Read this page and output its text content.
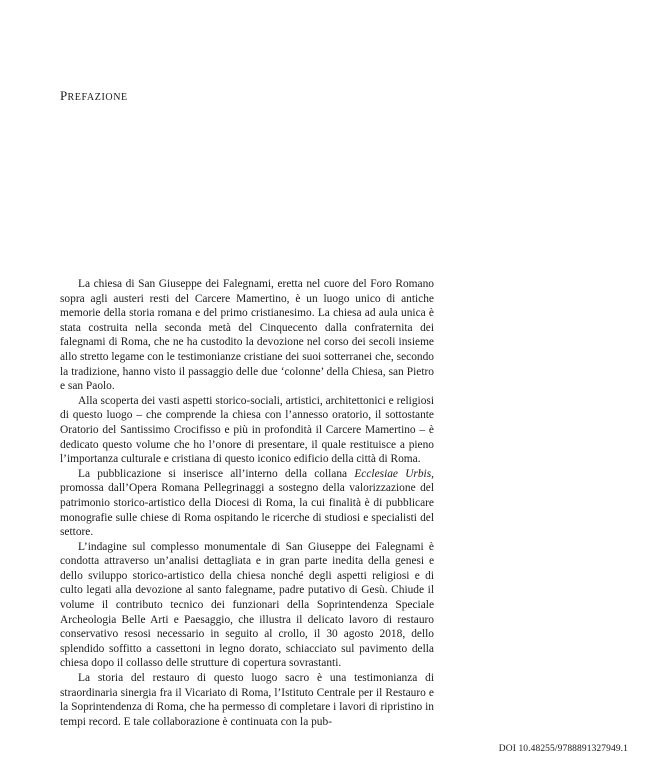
PREFAZIONE

La chiesa di San Giuseppe dei Falegnami, eretta nel cuore del Foro Romano sopra agli austeri resti del Carcere Mamertino, è un luogo unico di antiche memorie della storia romana e del primo cristianesimo. La chiesa ad aula unica è stata costruita nella seconda metà del Cinquecento dalla confraternita dei falegnami di Roma, che ne ha custodito la devozione nel corso dei secoli insieme allo stretto legame con le testimonianze cristiane dei suoi sotterranei che, secondo la tradizione, hanno visto il passaggio delle due ‘colonne’ della Chiesa, san Pietro e san Paolo.

Alla scoperta dei vasti aspetti storico-sociali, artistici, architettonici e religiosi di questo luogo – che comprende la chiesa con l’annesso oratorio, il sottostante Oratorio del Santissimo Crocifisso e più in profondità il Carcere Mamertino – è dedicato questo volume che ho l’onore di presentare, il quale restituisce a pieno l’importanza culturale e cristiana di questo iconico edificio della città di Roma.

La pubblicazione si inserisce all’interno della collana Ecclesiae Urbis, promossa dall’Opera Romana Pellegrinaggi a sostegno della valorizzazione del patrimonio storico-artistico della Diocesi di Roma, la cui finalità è di pubblicare monografie sulle chiese di Roma ospitando le ricerche di studiosi e specialisti del settore.

L’indagine sul complesso monumentale di San Giuseppe dei Falegnami è condotta attraverso un’analisi dettagliata e in gran parte inedita della genesi e dello sviluppo storico-artistico della chiesa nonché degli aspetti religiosi e di culto legati alla devozione al santo falegname, padre putativo di Gesù. Chiude il volume il contributo tecnico dei funzionari della Soprintendenza Speciale Archeologia Belle Arti e Paesaggio, che illustra il delicato lavoro di restauro conservativo resosi necessario in seguito al crollo, il 30 agosto 2018, dello splendido soffitto a cassettoni in legno dorato, schiacciato sul pavimento della chiesa dopo il collasso delle strutture di copertura sovrastanti.

La storia del restauro di questo luogo sacro è una testimonianza di straordinaria sinergia fra il Vicariato di Roma, l’Istituto Centrale per il Restauro e la Soprintendenza di Roma, che ha permesso di completare i lavori di ripristino in tempi record. E tale collaborazione è continuata con la pub-

DOI 10.48255/9788891327949.1
